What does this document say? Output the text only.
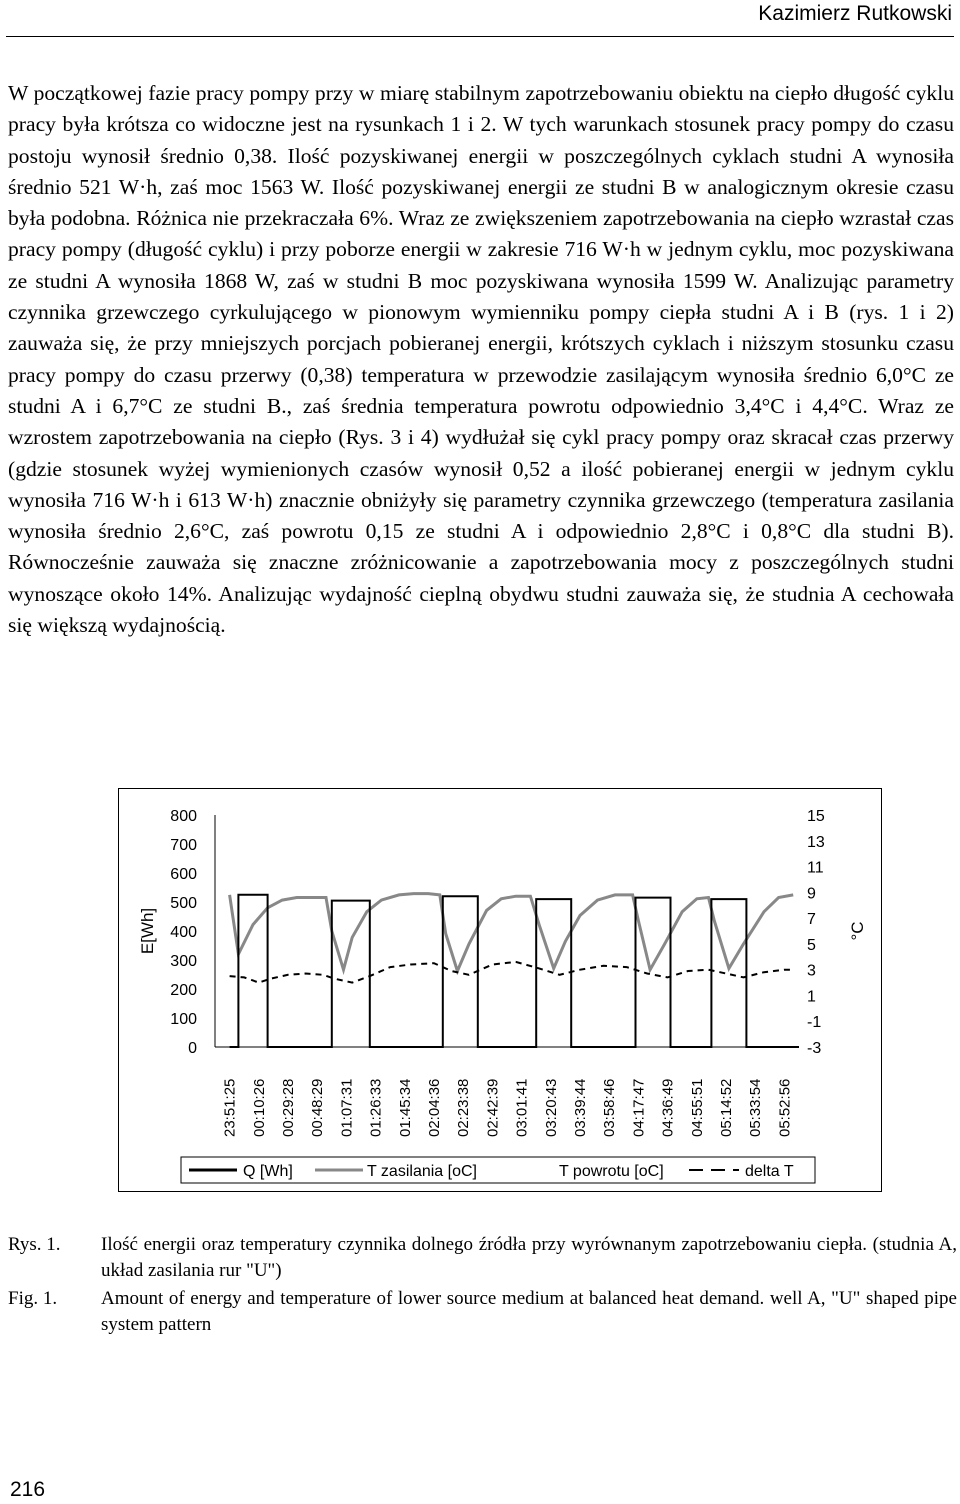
Kazimierz Rutkowski

W początkowej fazie pracy pompy przy w miarę stabilnym zapotrzebowaniu obiektu na ciepło długość cyklu pracy była krótsza co widoczne jest na rysunkach 1 i 2. W tych warunkach stosunek pracy pompy do czasu postoju wynosił średnio 0,38. Ilość pozyskiwanej energii w poszczególnych cyklach studni A wynosiła średnio 521 W·h, zaś moc 1563 W. Ilość pozyskiwanej energii ze studni B w analogicznym okresie czasu była podobna. Różnica nie przekraczała 6%. Wraz ze zwiększeniem zapotrzebowania na ciepło wzrastał czas pracy pompy (długość cyklu) i przy poborze energii w zakresie 716 W·h w jednym cyklu, moc pozyskiwana ze studni A wynosiła 1868 W, zaś w studni B moc pozyskiwana wynosiła 1599 W. Analizując parametry czynnika grzewczego cyrkulującego w pionowym wymienniku pompy ciepła studni A i B (rys. 1 i 2) zauważa się, że przy mniejszych porcjach pobieranej energii, krótszych cyklach i niższym stosunku czasu pracy pompy do czasu przerwy (0,38) temperatura w przewodzie zasilającym wynosiła średnio 6,0°C ze studni A i 6,7°C ze studni B., zaś średnia temperatura powrotu odpowiednio 3,4°C i 4,4°C. Wraz ze wzrostem zapotrzebowania na ciepło (Rys. 3 i 4) wydłużał się cykl pracy pompy oraz skracał czas przerwy (gdzie stosunek wyżej wymienionych czasów wynosił 0,52 a ilość pobieranej energii w jednym cyklu wynosiła 716 W·h i 613 W·h) znacznie obniżyły się parametry czynnika grzewczego (temperatura zasilania wynosiła średnio 2,6°C, zaś powrotu 0,15 ze studni A i odpowiednio 2,8°C i 0,8°C dla studni B). Równocześnie zauważa się znaczne zróżnicowanie a zapotrzebowania mocy z poszczególnych studni wynoszące około 14%. Analizując wydajność cieplną obydwu studni zauważa się, że studnia A cechowała się większą wydajnością.

800
700
600
500
400
300
200
100
0
15
13
11
9
7
5
3
1
-1
-3
E[Wh]	°C
23:51:25 00:10:26 00:29:28 00:48:29 01:07:31 01:26:33 01:45:34 02:04:36 02:23:38 02:42:39 03:01:41 03:20:43 03:39:44 03:58:46 04:17:47 04:36:49 04:55:51 05:14:52 05:33:54 05:52:56
Q [Wh]	T zasilania [oC]	T powrotu [oC]	delta T
Rys. 1.	Ilość energii oraz temperatury czynnika dolnego źródła przy wyrównanym zapotrzebowaniu ciepła. (studnia A, układ zasilania rur "U")
Fig. 1.	Amount of energy and temperature of lower source medium at balanced heat demand. well A, "U" shaped pipe system pattern
216
